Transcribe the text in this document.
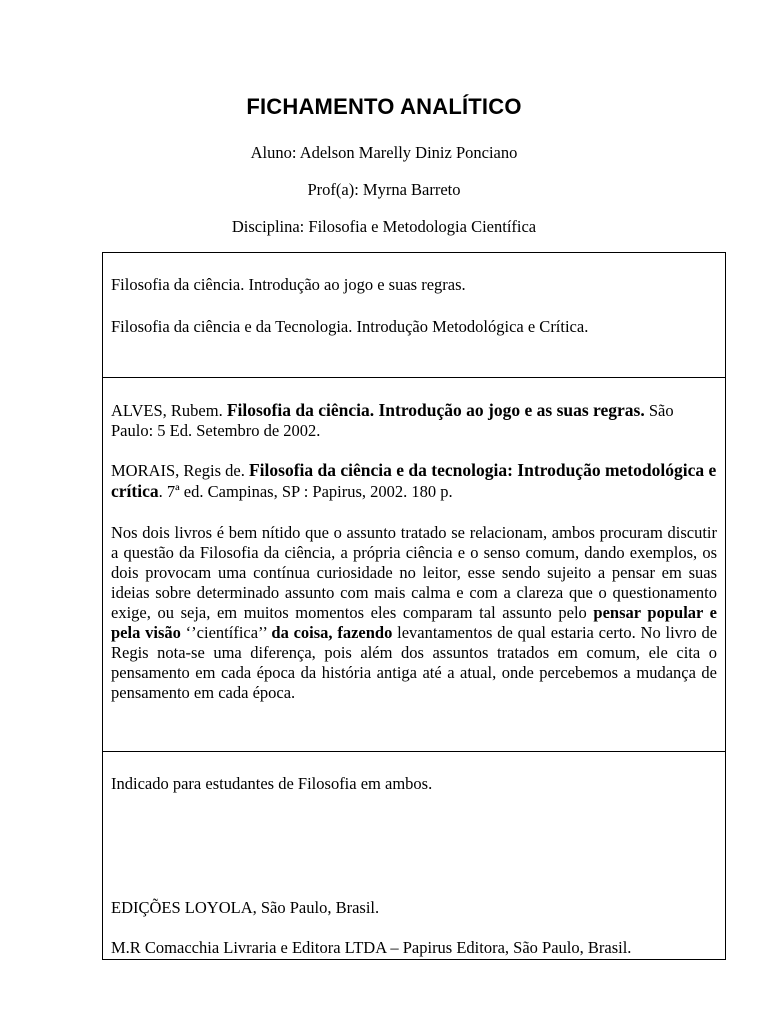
FICHAMENTO ANALÍTICO
Aluno: Adelson Marelly Diniz Ponciano
Prof(a): Myrna Barreto
Disciplina: Filosofia e Metodologia Científica

Filosofia da ciência. Introdução ao jogo e suas regras.

Filosofia da ciência e da Tecnologia. Introdução Metodológica e Crítica.

ALVES, Rubem. Filosofia da ciência. Introdução ao jogo e as suas regras. São Paulo: 5 Ed. Setembro de 2002.

MORAIS, Regis de. Filosofia da ciência e da tecnologia: Introdução metodológica e crítica. 7ª ed. Campinas, SP : Papirus, 2002. 180 p.

Nos dois livros é bem nítido que o assunto tratado se relacionam, ambos procuram discutir a questão da Filosofia da ciência, a própria ciência e o senso comum, dando exemplos, os dois provocam uma contínua curiosidade no leitor, esse sendo sujeito a pensar em suas ideias sobre determinado assunto com mais calma e com a clareza que o questionamento exige, ou seja, em muitos momentos eles comparam tal assunto pelo pensar popular e pela visão ‘’científica’’ da coisa, fazendo levantamentos de qual estaria certo. No livro de Regis nota-se uma diferença, pois além dos assuntos tratados em comum, ele cita o pensamento em cada época da história antiga até a atual, onde percebemos a mudança de pensamento em cada época.

Indicado para estudantes de Filosofia em ambos.

EDIÇÕES LOYOLA, São Paulo, Brasil.

M.R Comacchia Livraria e Editora LTDA – Papirus Editora, São Paulo, Brasil.
